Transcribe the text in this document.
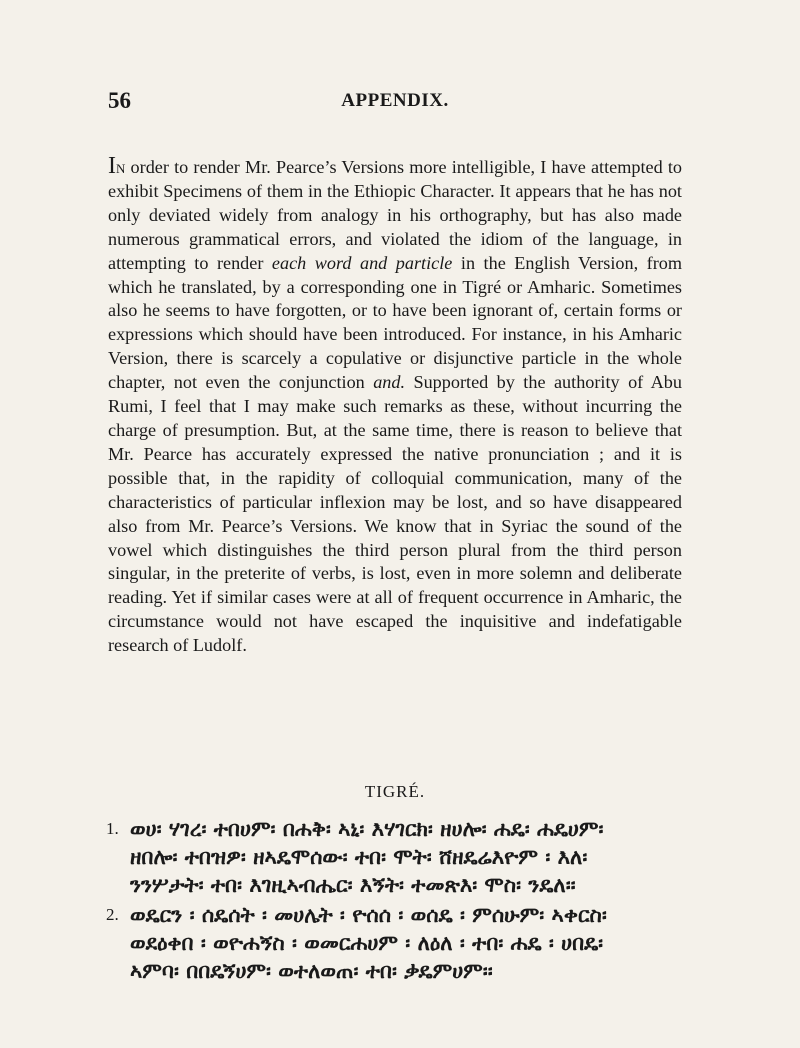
56	APPENDIX.

In order to render Mr. Pearce’s Versions more intelligible, I have attempted to exhibit Specimens of them in the Ethiopic Character. It appears that he has not only deviated widely from analogy in his orthography, but has also made numerous grammatical errors, and violated the idiom of the language, in attempting to render each word and particle in the English Version, from which he translated, by a corresponding one in Tigré or Amharic. Sometimes also he seems to have forgotten, or to have been ignorant of, certain forms or expressions which should have been introduced. For instance, in his Amharic Version, there is scarcely a copulative or disjunctive particle in the whole chapter, not even the conjunction and. Supported by the authority of Abu Rumi, I feel that I may make such remarks as these, without incurring the charge of presumption. But, at the same time, there is reason to believe that Mr. Pearce has accurately expressed the native pronunciation ; and it is possible that, in the rapidity of colloquial communication, many of the characteristics of particular inflexion may be lost, and so have disappeared also from Mr. Pearce’s Versions. We know that in Syriac the sound of the vowel which distinguishes the third person plural from the third person singular, in the preterite of verbs, is lost, even in more solemn and deliberate reading. Yet if similar cases were at all of frequent occurrence in Amharic, the circumstance would not have escaped the inquisitive and indefatigable research of Ludolf.

TIGRÉ.
1. ወሀ፡ ሃገረ፡ ተበሀም፡ በሐቅ፡ ኣኒ፡ እሃገርክ፡ ዘሀሎ፡ ሐዴ፡ ሐዴሀም፡
ዘበሎ፡ ተበዝዎ፡ ዘኣዴሞሰው፡ ተበ፡ ሞት፡ ሸዘዴሬእዮም ፡ እለ፡
ንንሦታት፡ ተበ፡ እገዚኣብሔር፡ እኝት፡ ተመጽእ፡ ሞስ፡ ንዴለ፡፡
2. ወዴርን ፡ ሰዴሰት ፡ መሀሌት ፡ ዮሰሰ ፡ ወሰዴ ፡ ምሰሁም፡ ኣቀርስ፡
ወደዕቀበ ፡ ወዮሐኝስ ፡ ወመርሐሀም ፡ ለዕለ ፡ ተበ፡ ሐዴ ፡ ሀበዴ፡
ኣምባ፡ በበዴኝሀም፡ ወተለወጠ፡ ተበ፡ ቃዴምሀም፡፡
